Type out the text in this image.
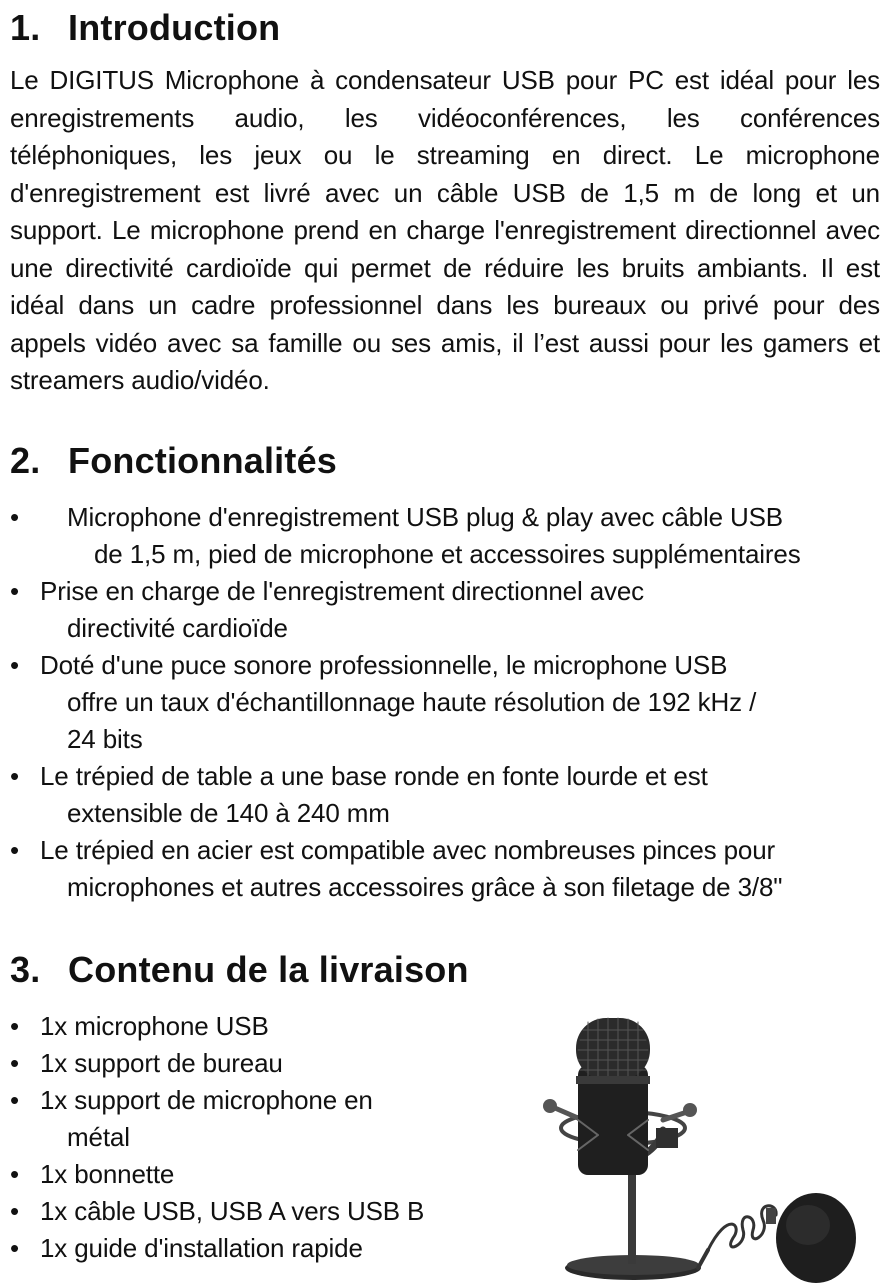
1. Introduction

Le DIGITUS Microphone à condensateur USB pour PC est idéal pour les enregistrements audio, les vidéoconférences, les conférences téléphoniques, les jeux ou le streaming en direct. Le microphone d'enregistrement est livré avec un câble USB de 1,5 m de long et un support. Le microphone prend en charge l'enregistrement directionnel avec une directivité cardioïde qui permet de réduire les bruits ambiants. Il est idéal dans un cadre professionnel dans les bureaux ou privé pour des appels vidéo avec sa famille ou ses amis, il l’est aussi pour les gamers et streamers audio/vidéo.

2. Fonctionnalités
•	Microphone d'enregistrement USB plug & play avec câble USB
de 1,5 m, pied de microphone et accessoires supplémentaires
• Prise en charge de l'enregistrement directionnel avec
directivité cardioïde
• Doté d'une puce sonore professionnelle, le microphone USB
offre un taux d'échantillonnage haute résolution de 192 kHz /
24 bits
• Le trépied de table a une base ronde en fonte lourde et est
extensible de 140 à 240 mm
• Le trépied en acier est compatible avec nombreuses pinces pour
microphones et autres accessoires grâce à son filetage de 3/8"
3. Contenu de la livraison
• 1x microphone USB
• 1x support de bureau
• 1x support de microphone en
métal
• 1x bonnette
• 1x câble USB, USB A vers USB B
• 1x guide d'installation rapide
